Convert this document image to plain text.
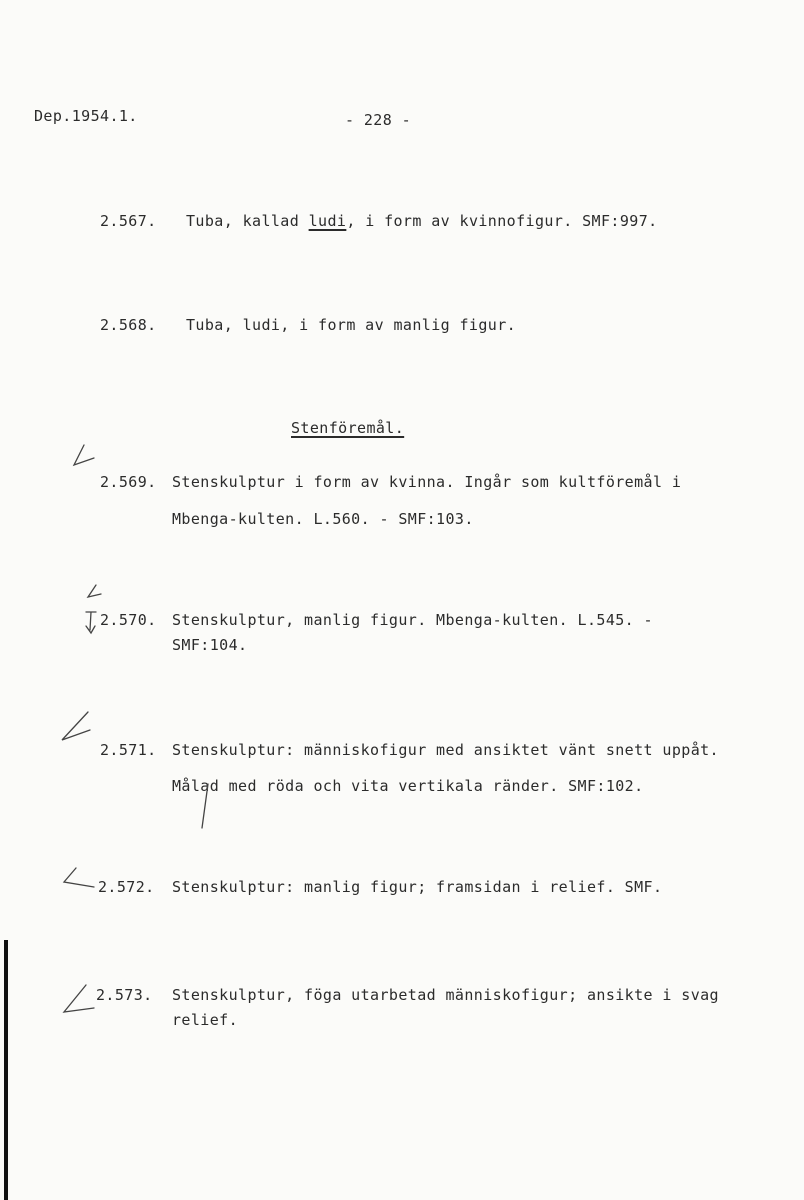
Dep.1954.1.	- 228 -
2.567. Tuba, kallad ludi, i form av kvinnofigur. SMF:997.
2.568. Tuba, ludi, i form av manlig figur.
Stenföremål.
2.569. Stenskulptur i form av kvinna. Ingår som kultföremål i
Mbenga-kulten. L.560. - SMF:103.
2.570. Stenskulptur, manlig figur. Mbenga-kulten. L.545. -
SMF:104.
2.571. Stenskulptur: människofigur med ansiktet vänt snett uppåt.
Målad med röda och vita vertikala ränder. SMF:102.
2.572. Stenskulptur: manlig figur; framsidan i relief. SMF.
2.573. Stenskulptur, föga utarbetad människofigur; ansikte i svag
relief.
